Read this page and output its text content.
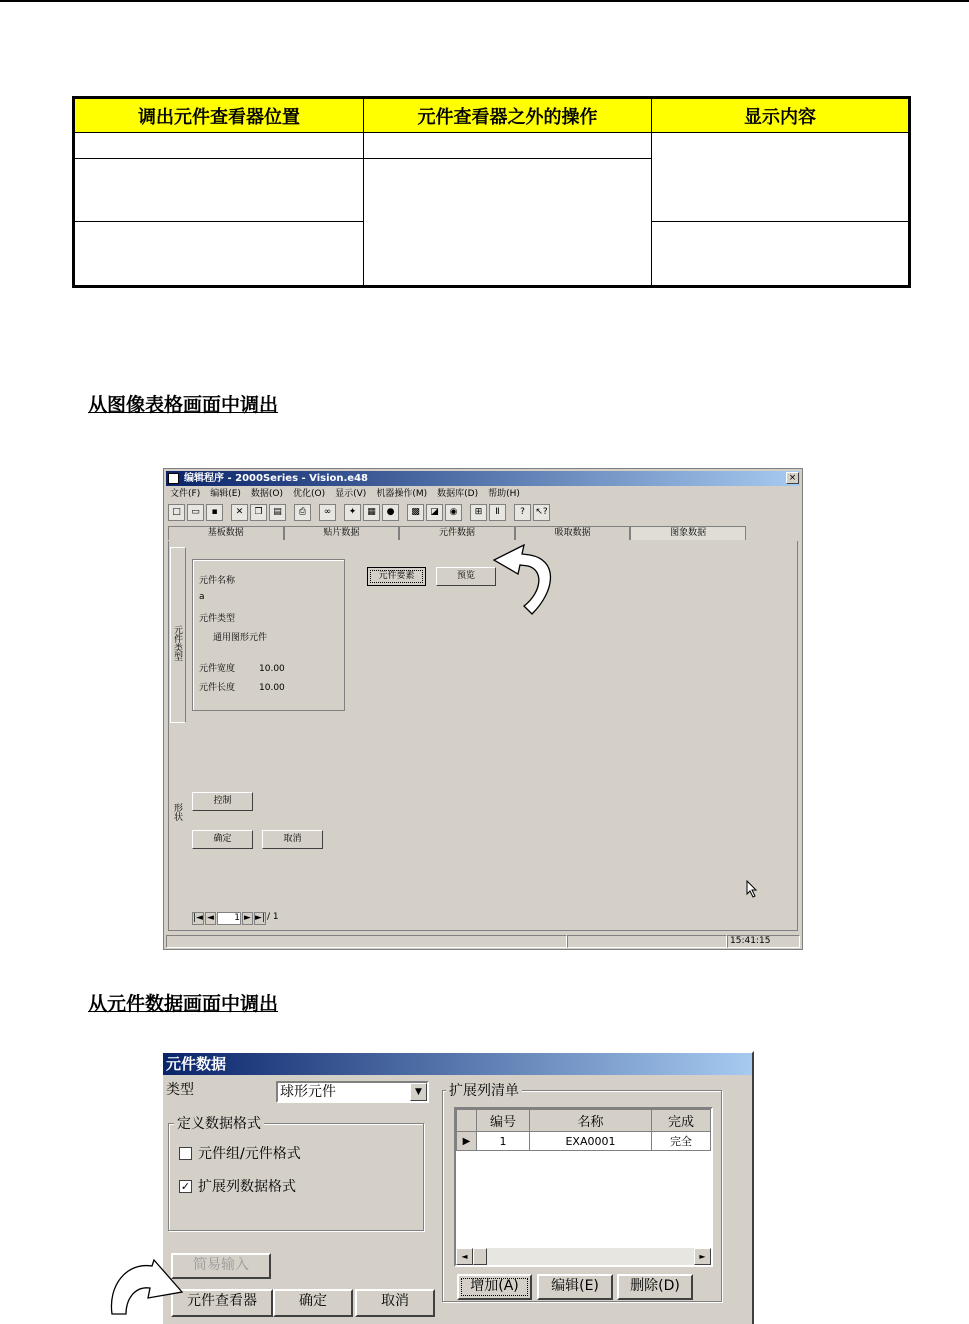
调出元件查看器位置	元件查看器之外的操作	显示内容

从图像表格画面中调出
编辑程序 - 2000Series - Vision.e48	×
文件(F) 编辑(E) 数据(O) 优化(O) 显示(V) 机器操作(M) 数据库(D) 帮助(H)
□	▭	▪	✕	❐	▤	⎙	∞	✦	▦	●	▩	◪	◉	⊞	Ⅱ	?	↖?
基板数据	贴片数据	元件数据	吸取数据	图象数据
元件类型
形状
元件名称
a
元件类型
通用图形元件
元件宽度	10.00
元件长度	10.00
元件要素	预览
控制
确定	取消
|◄ ◄	1 ► ►| / 1
15:41:15
从元件数据画面中调出
元件数据
类型	球形元件	▼
定义数据格式
元件组/元件格式
✓ 扩展列数据格式
扩展列清单
	编号	名称	完成
▶	1	EXA0001	完全
◄	►
增加(A)	编辑(E)	删除(D)
简易输入
元件查看器	确定	取消
